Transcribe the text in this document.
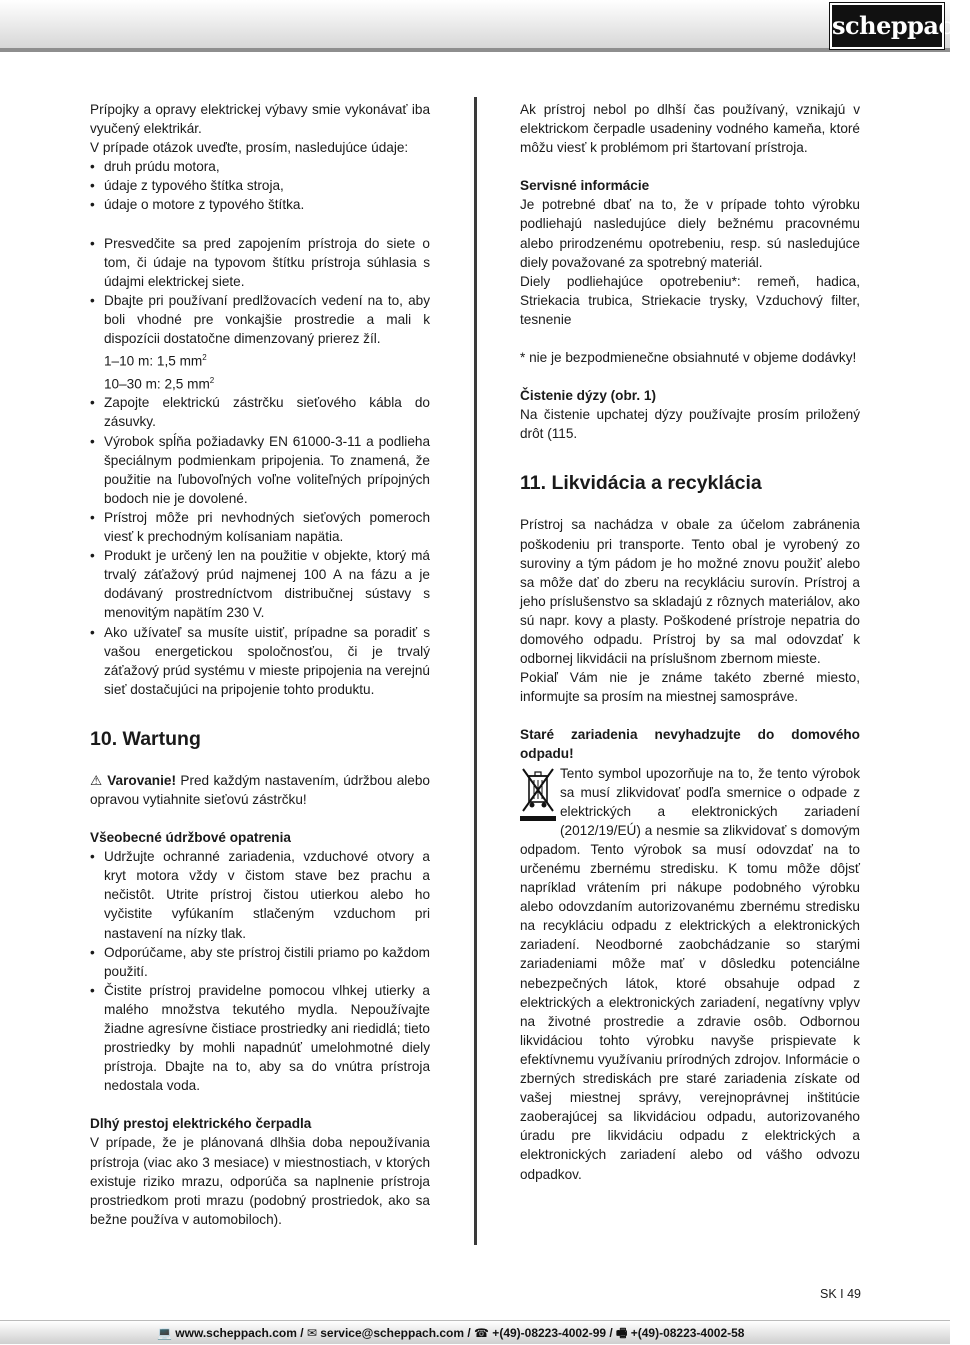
scheppach

Prípojky a opravy elektrickej výbavy smie vykonávať iba vyučený elektrikár.

V prípade otázok uveďte, prosím, nasledujúce údaje:

• druh prúdu motora,
• údaje z typového štítka stroja,
• údaje o motore z typového štítka.
• Presvedčite sa pred zapojením prístroja do siete o tom, či údaje na typovom štítku prístroja súhlasia s údajmi elektrickej siete.
• Dbajte pri používaní predlžovacích vedení na to, aby boli vhodné pre vonkajšie prostredie a mali k dispozícii dostatočne dimenzovaný prierez žíl.
1–10 m: 1,5 $mm^2$
10–30 m: 2,5 $mm^2$
• Zapojte elektrickú zástrčku sieťového kábla do zásuvky.
• Výrobok spĺňa požiadavky EN 61000-3-11 a podlieha špeciálnym podmienkam pripojenia. To znamená, že použitie na ľubovoľných voľne voliteľných prípojných bodoch nie je dovolené.
• Prístroj môže pri nevhodných sieťových pomeroch viesť k prechodným kolísaniam napätia.
• Produkt je určený len na použitie v objekte, ktorý má trvalý záťažový prúd najmenej 100 A na fázu a je dodávaný prostredníctvom distribučnej sústavy s menovitým napätím 230 V.
• Ako užívateľ sa musíte uistiť, prípadne sa poradiť s vašou energetickou spoločnosťou, či je trvalý záťažový prúd systému v mieste pripojenia na verejnú sieť dostačujúci na pripojenie tohto produktu.
10. Wartung

⚠ Varovanie! Pred každým nastavením, údržbou alebo opravou vytiahnite sieťovú zástrčku!

Všeobecné údržbové opatrenia

• Udržujte ochranné zariadenia, vzduchové otvory a kryt motora vždy v čistom stave bez prachu a nečistôt. Utrite prístroj čistou utierkou alebo ho vyčistite vyfúkaním stlačeným vzduchom pri nastavení na nízky tlak.
• Odporúčame, aby ste prístroj čistili priamo po každom použití.
• Čistite prístroj pravidelne pomocou vlhkej utierky a malého množstva tekutého mydla. Nepoužívajte žiadne agresívne čistiace prostriedky ani riedidlá; tieto prostriedky by mohli napadnúť umelohmotné diely prístroja. Dbajte na to, aby sa do vnútra prístroja nedostala voda.

Dlhý prestoj elektrického čerpadla

V prípade, že je plánovaná dlhšia doba nepoužívania prístroja (viac ako 3 mesiace) v miestnostiach, v ktorých existuje riziko mrazu, odporúča sa naplnenie prístroja prostriedkom proti mrazu (podobný prostriedok, ako sa bežne používa v automobiloch).

Ak prístroj nebol po dlhší čas používaný, vznikajú v elektrickom čerpadle usadeniny vodného kameňa, ktoré môžu viesť k problémom pri štartovaní prístroja.

Servisné informácie

Je potrebné dbať na to, že v prípade tohto výrobku podliehajú nasledujúce diely bežnému pracovnému alebo prirodzenému opotrebeniu, resp. sú nasledujúce diely považované za spotrebný materiál.

Diely podliehajúce opotrebeniu*: remeň, hadica, Striekacia trubica, Striekacie trysky, Vzduchový filter, tesnenie

* nie je bezpodmienečne obsiahnuté v objeme dodávky!

Čistenie dýzy (obr. 1)

Na čistenie upchatej dýzy používajte prosím priložený drôt (115.

11. Likvidácia a recyklácia

Prístroj sa nachádza v obale za účelom zabránenia poškodeniu pri transporte. Tento obal je vyrobený zo suroviny a tým pádom je ho možné znovu použiť alebo sa môže dať do zberu na recykláciu surovín. Prístroj a jeho príslušenstvo sa skladajú z rôznych materiálov, ako sú napr. kovy a plasty. Poškodené prístroje nepatria do domového odpadu. Prístroj by sa mal odovzdať k odbornej likvidácii na príslušnom zbernom mieste.

Pokiaľ Vám nie je známe takéto zberné miesto, informujte sa prosím na miestnej samospráve.

Staré zariadenia nevyhadzujte do domového odpadu!

Tento symbol upozorňuje na to, že tento výrobok sa musí zlikvidovať podľa smernice o odpade z elektrických a elektronických zariadení (2012/19/EÚ) a nesmie sa zlikvidovať s domovým odpadom. Tento výrobok sa musí odovzdať na to určenému zbernému stredisku. K tomu môže dôjsť napríklad vrátením pri nákupe podobného výrobku alebo odovzdaním autorizovanému zbernému stredisku na recykláciu odpadu z elektrických a elektronických zariadení. Neodborné zaobchádzanie so starými zariadeniami môže mať v dôsledku potenciálne nebezpečných látok, ktoré obsahuje odpad z elektrických a elektronických zariadení, negatívny vplyv na životné prostredie a zdravie osôb. Odbornou likvidáciou tohto výrobku navyše prispievate k efektívnemu využívaniu prírodných zdrojov. Informácie o zberných strediskách pre staré zariadenia získate od vašej miestnej správy, verejnoprávnej inštitúcie zaoberajúcej sa likvidáciou odpadu, autorizovaného úradu pre likvidáciu odpadu z elektrických a elektronických zariadení alebo od vášho odvozu odpadkov.

SK I 49
💻 www.scheppach.com / ✉ service@scheppach.com / ☎ +(49)-08223-4002-99 / 🖷 +(49)-08223-4002-58
